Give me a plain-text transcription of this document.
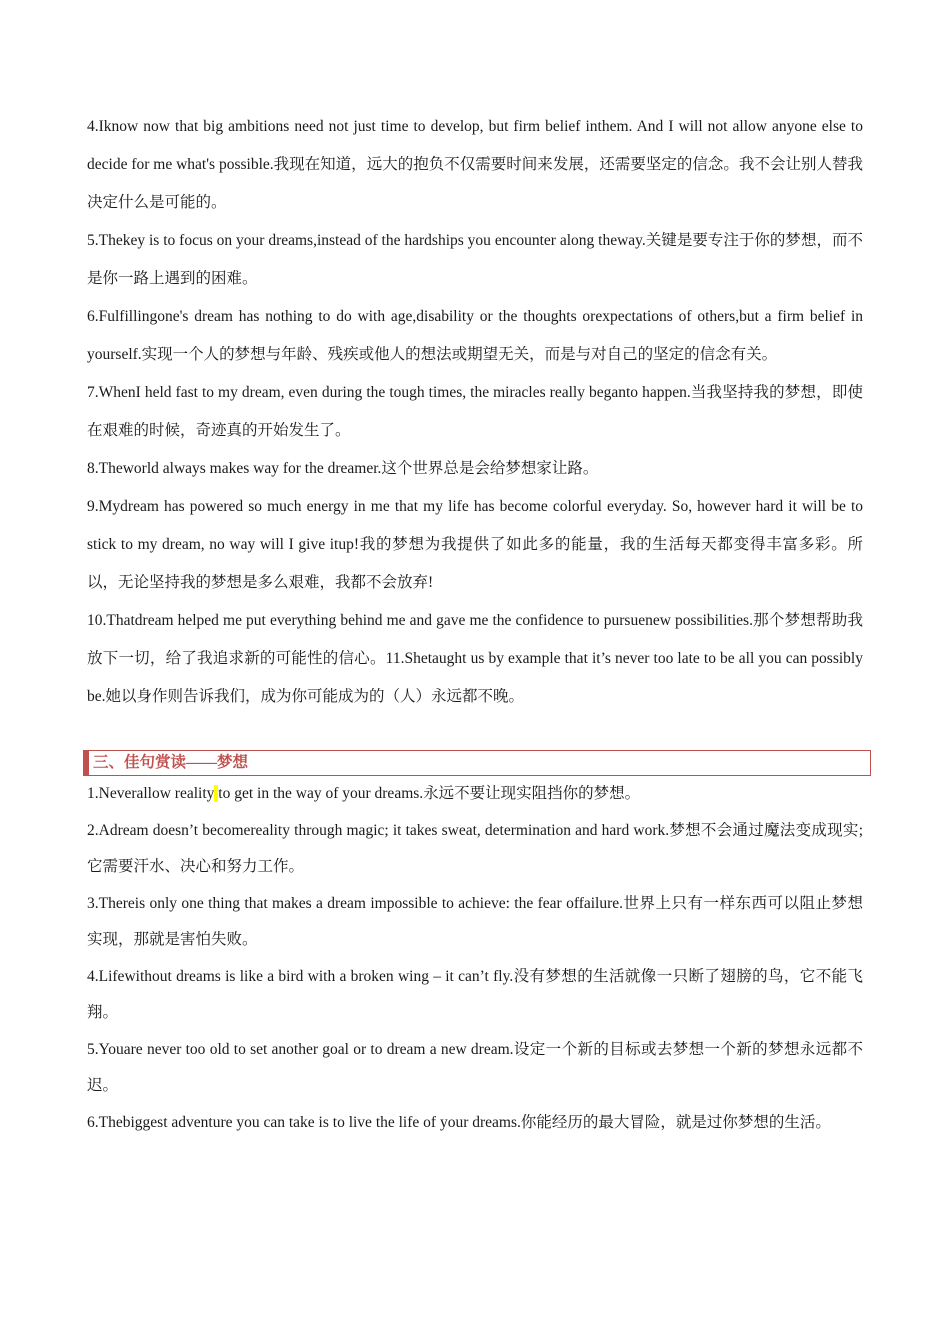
4.Iknow now that big ambitions need not just time to develop, but firm belief inthem. And I will not allow anyone else to decide for me what's possible.我现在知道，远大的抱负不仅需要时间来发展，还需要坚定的信念。我不会让别人替我决定什么是可能的。

5.Thekey is to focus on your dreams,instead of the hardships you encounter along theway.关键是要专注于你的梦想，而不是你一路上遇到的困难。

6.Fulfillingone's dream has nothing to do with age,disability or the thoughts orexpectations of others,but a firm belief in yourself.实现一个人的梦想与年龄、残疾或他人的想法或期望无关，而是与对自己的坚定的信念有关。

7.WhenI held fast to my dream, even during the tough times, the miracles really beganto happen.当我坚持我的梦想，即使在艰难的时候，奇迹真的开始发生了。

8.Theworld always makes way for the dreamer.这个世界总是会给梦想家让路。

9.Mydream has powered so much energy in me that my life has become colorful everyday. So, however hard it will be to stick to my dream, no way will I give itup!我的梦想为我提供了如此多的能量，我的生活每天都变得丰富多彩。所以，无论坚持我的梦想是多么艰难，我都不会放弃!

10.Thatdream helped me put everything behind me and gave me the confidence to pursuenew possibilities.那个梦想帮助我放下一切，给了我追求新的可能性的信心。11.Shetaught us by example that it’s never too late to be all you can possibly be.她以身作则告诉我们，成为你可能成为的（人）永远都不晚。

三、佳句赏读——梦想

1.Neverallow reality to get in the way of your dreams.永远不要让现实阻挡你的梦想。

2.Adream doesn’t becomereality through magic; it takes sweat, determination and hard work.梦想不会通过魔法变成现实;它需要汗水、决心和努力工作。

3.Thereis only one thing that makes a dream impossible to achieve: the fear offailure.世界上只有一样东西可以阻止梦想实现，那就是害怕失败。

4.Lifewithout dreams is like a bird with a broken wing – it can’t fly.没有梦想的生活就像一只断了翅膀的鸟，它不能飞翔。

5.Youare never too old to set another goal or to dream a new dream.设定一个新的目标或去梦想一个新的梦想永远都不迟。

6.Thebiggest adventure you can take is to live the life of your dreams.你能经历的最大冒险，就是过你梦想的生活。
